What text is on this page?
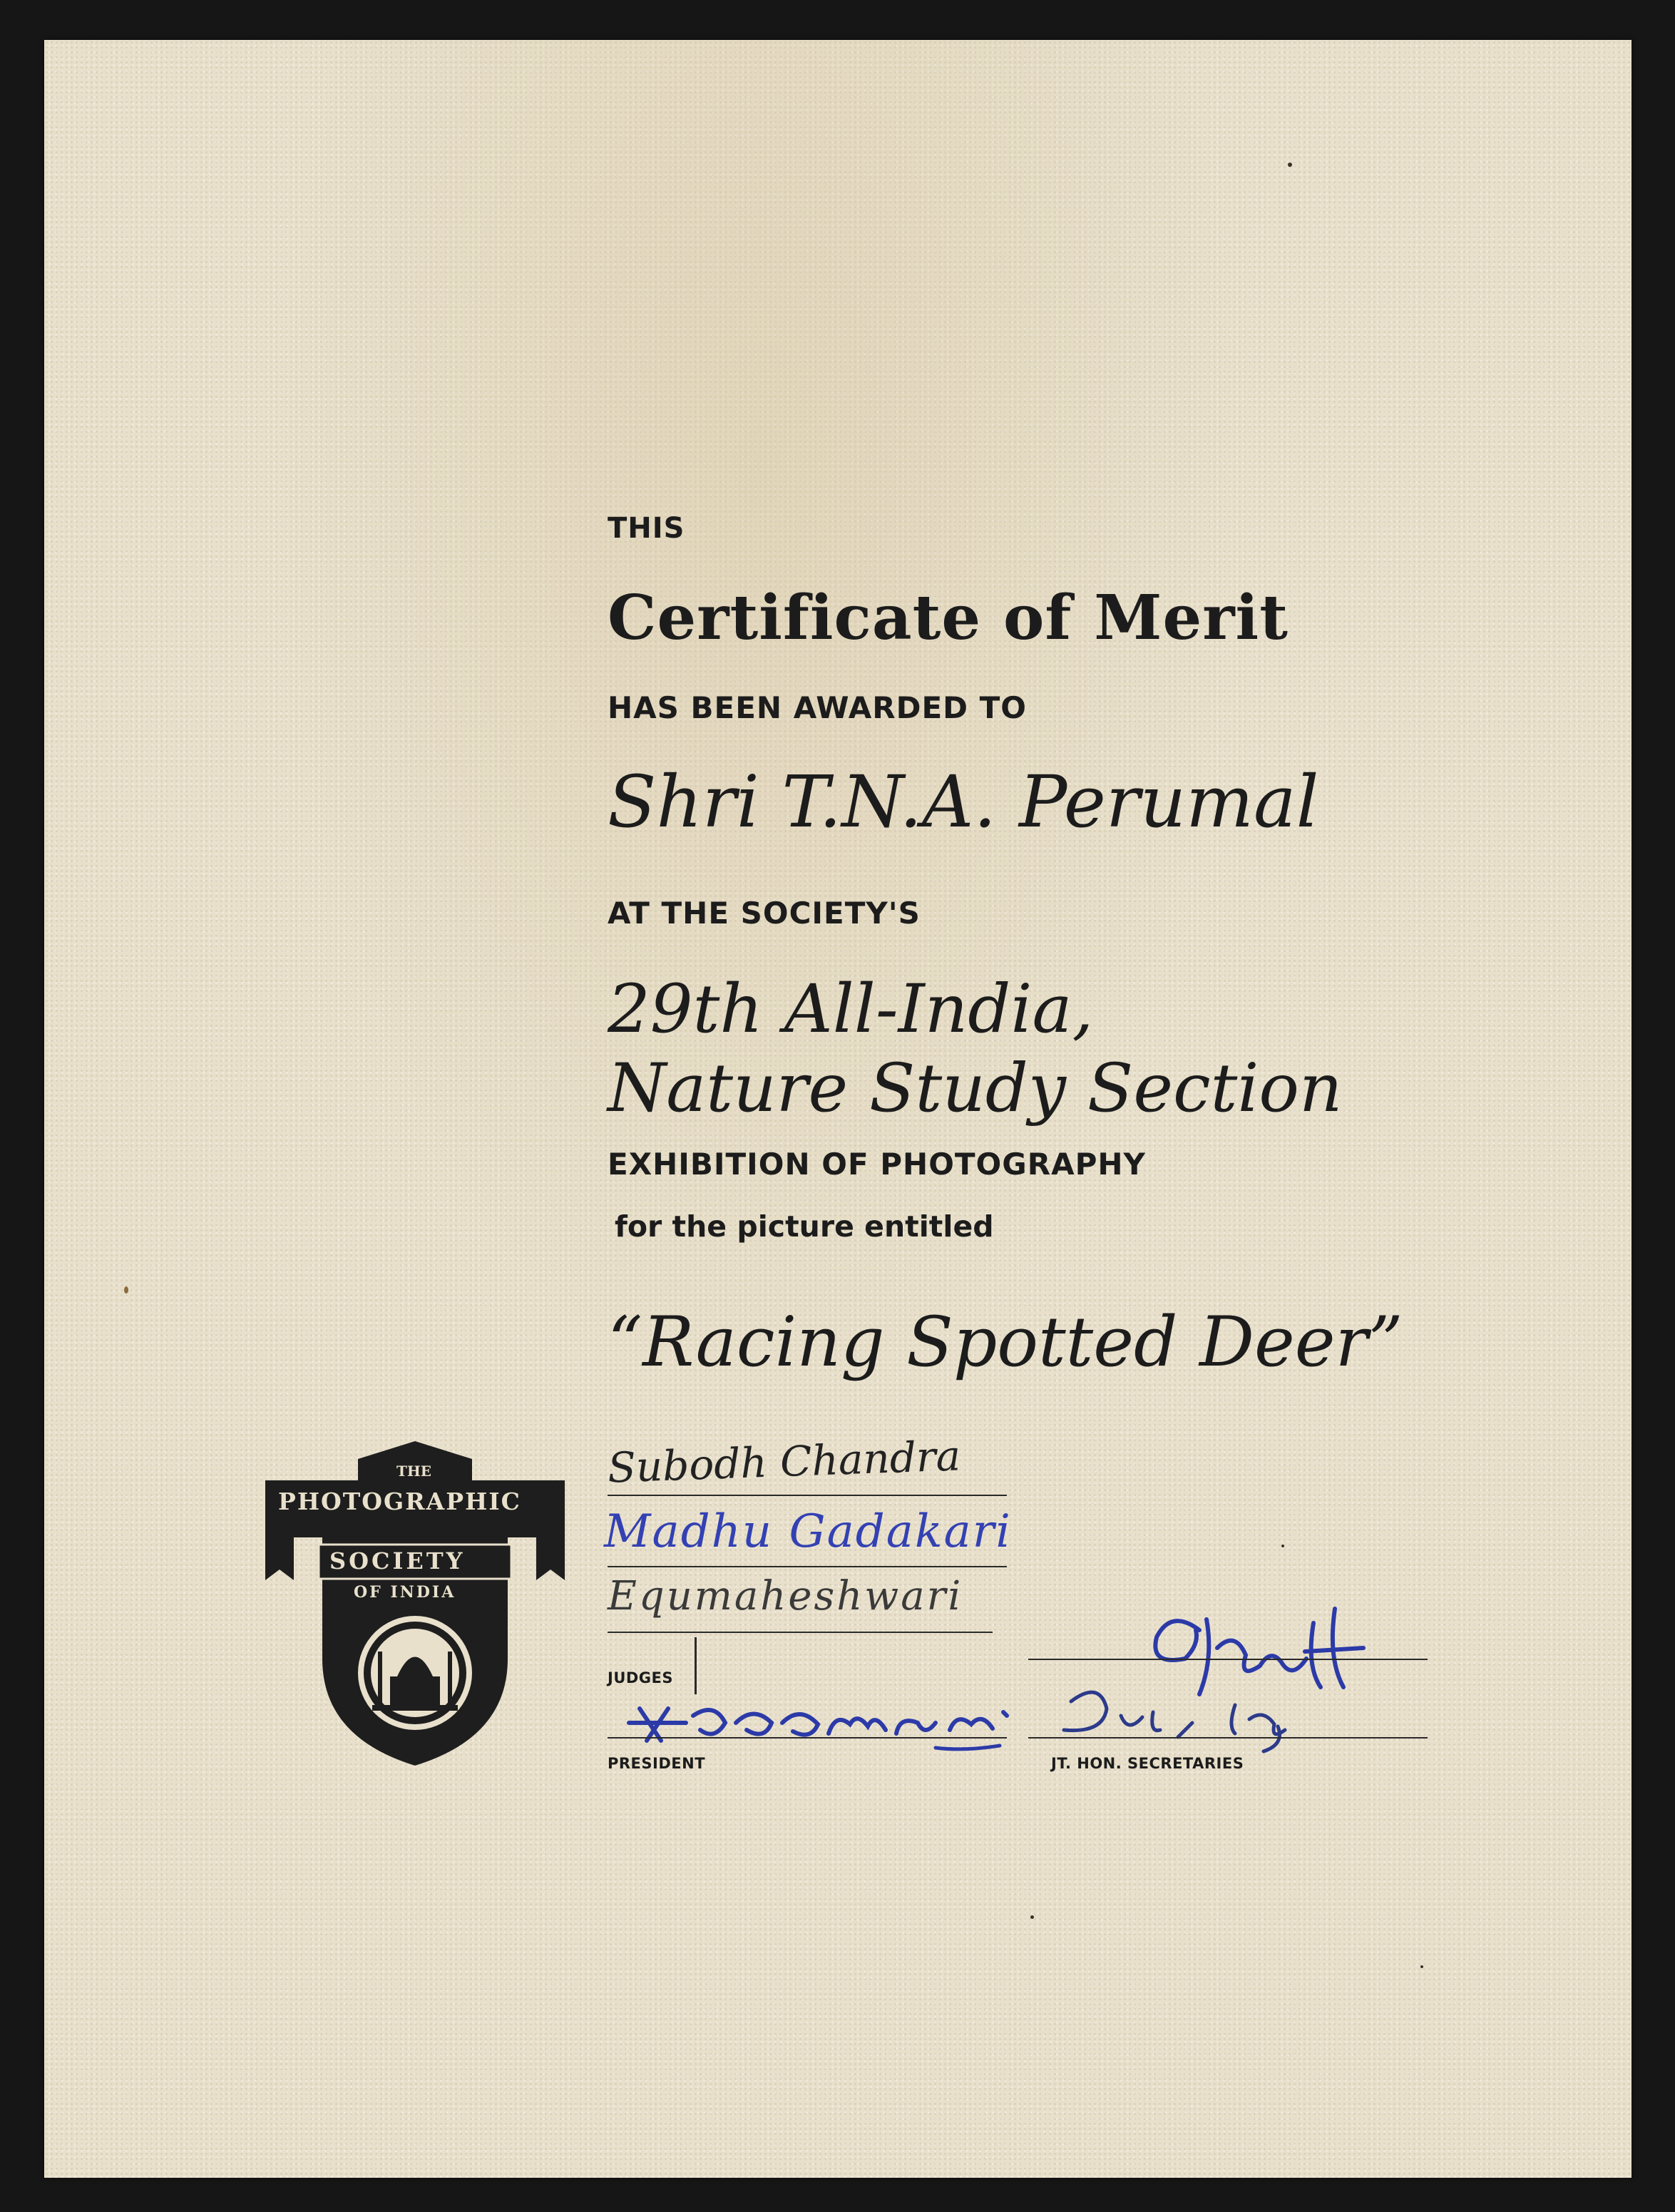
THIS
Certificate of Merit
HAS BEEN AWARDED TO
Shri T.N.A. Perumal
AT THE SOCIETY'S
29th All-India,
Nature Study Section
EXHIBITION OF PHOTOGRAPHY
for the picture entitled
“Racing Spotted Deer”
THE
PHOTOGRAPHIC
SOCIETY
OF INDIA
Subodh Chandra
Madhu Gadakari
Equmaheshwari
JUDGES
JT. HON. SECRETARIES
PRESIDENT
